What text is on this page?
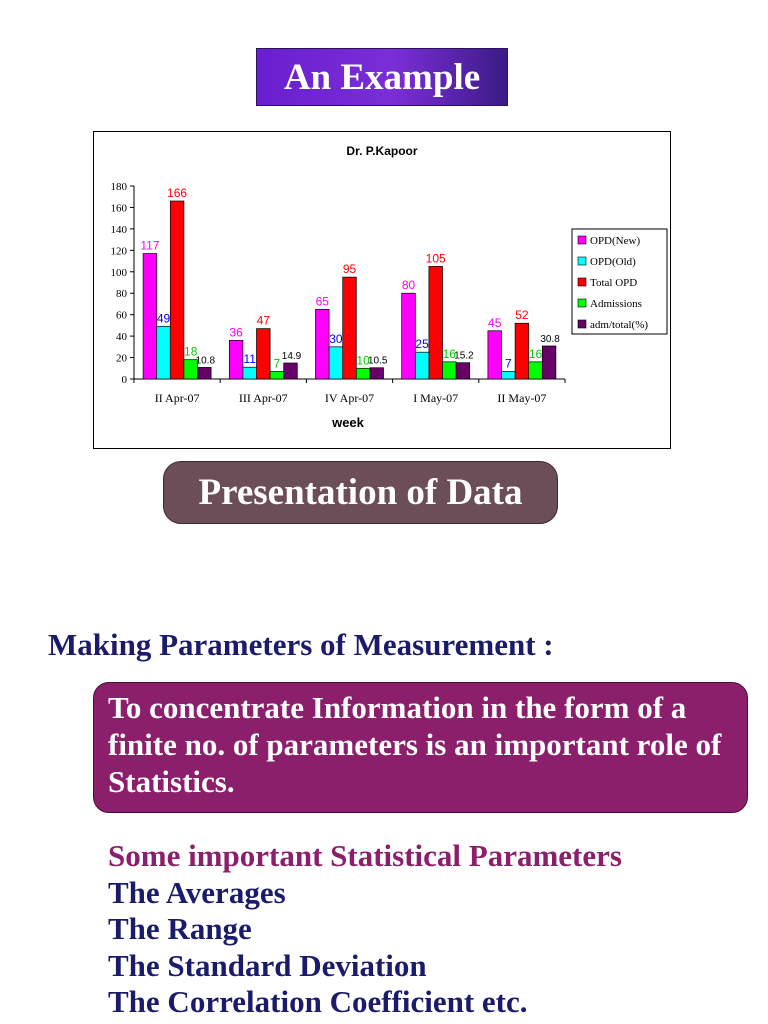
An Example
Dr. P.Kapoor
0
20
40
60
80
100
120
140
160
180
117
49
166
18
10.8
II Apr-07
36
11
47
7 14.9
III Apr-07
65
30
95
10
10.5
IV Apr-07
80
25
105
16
15.2
I May-07
45
7
52
16
30.8
II May-07
week
OPD(New)
OPD(Old)
Total OPD
Admissions
adm/total(%)
Presentation of Data
Making Parameters of Measurement :
To concentrate Information in the form of a finite no. of parameters is an important role of Statistics.
Some important Statistical Parameters
The Averages
The Range
The Standard Deviation
The Correlation Coefficient etc.
